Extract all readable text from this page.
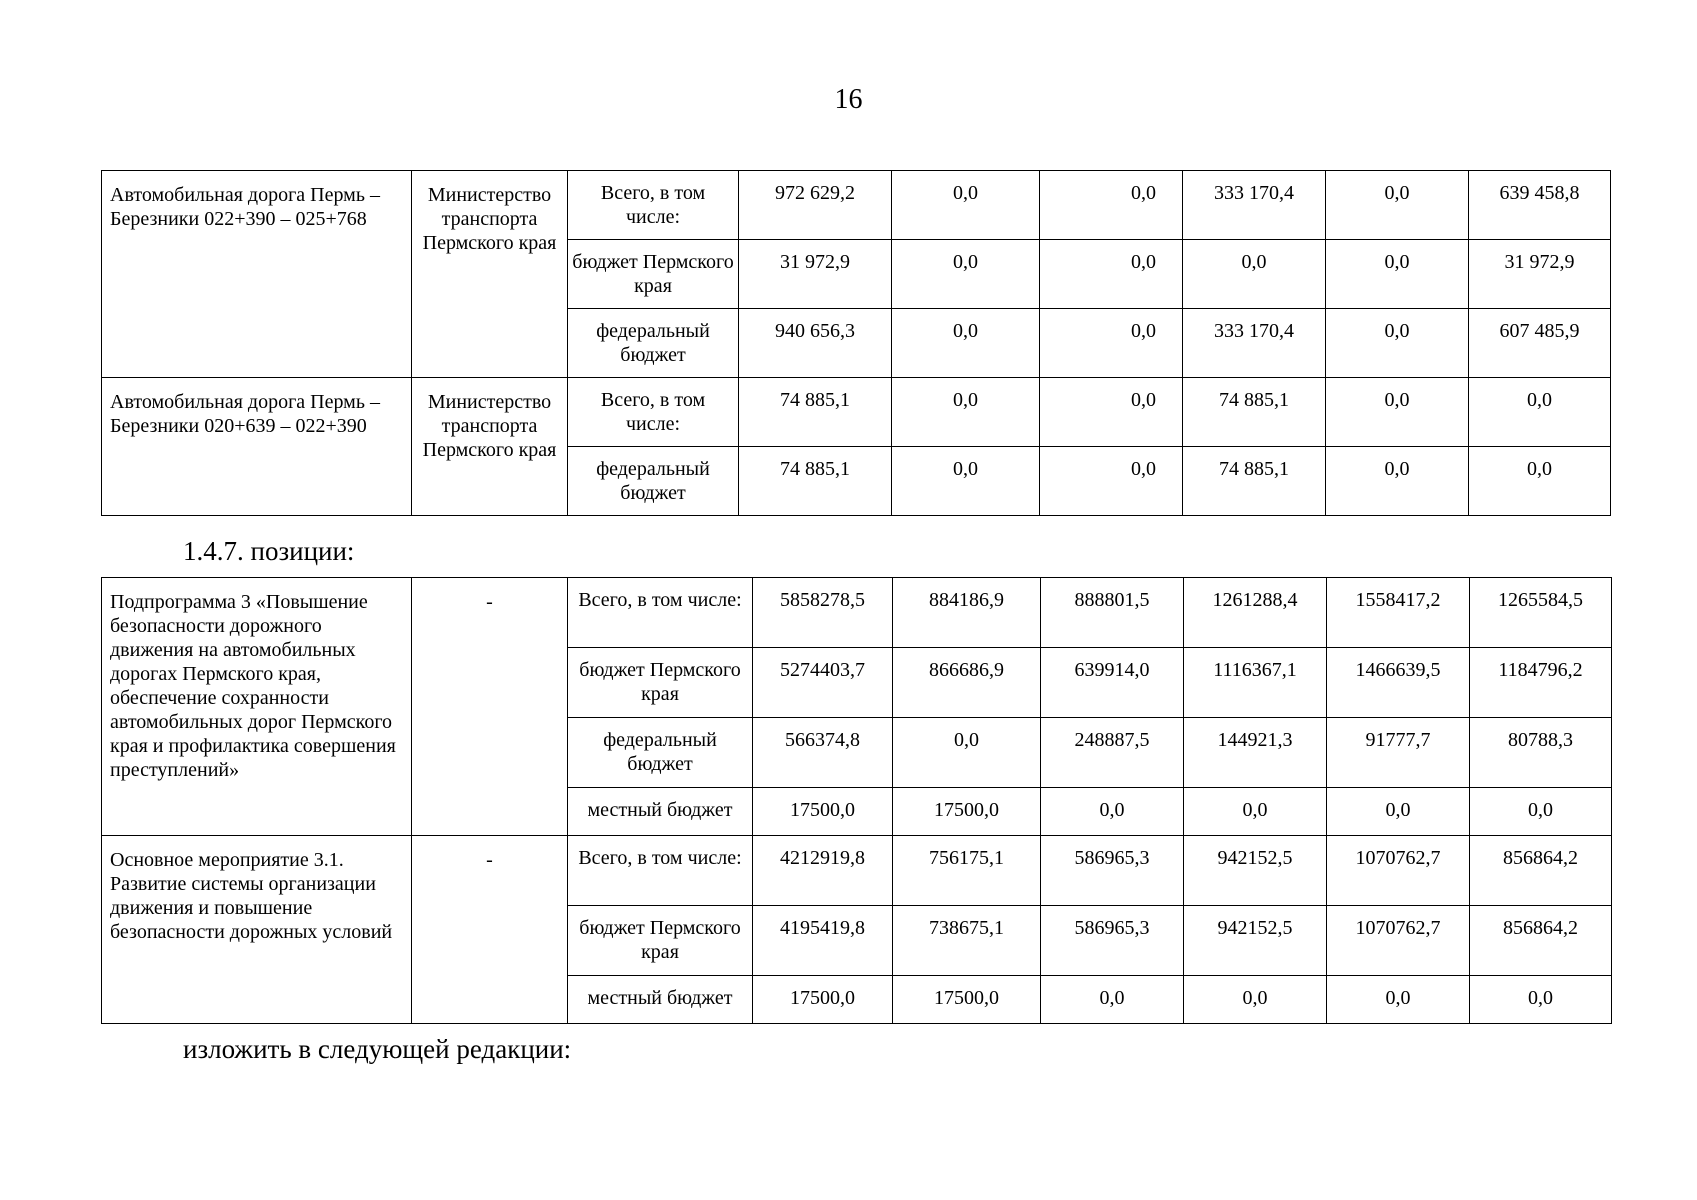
16
Автомобильная дорога Пермь – Березники 022+390 – 025+768	Министерство транспорта Пермского края	Всего, в том числе:	972 629,2	0,0	0,0	333 170,4	0,0	639 458,8
		бюджет Пермского края	31 972,9	0,0	0,0	0,0	0,0	31 972,9
		федеральный бюджет	940 656,3	0,0	0,0	333 170,4	0,0	607 485,9
Автомобильная дорога Пермь – Березники 020+639 – 022+390	Министерство транспорта Пермского края	Всего, в том числе:	74 885,1	0,0	0,0	74 885,1	0,0	0,0
		федеральный бюджет	74 885,1	0,0	0,0	74 885,1	0,0	0,0
1.4.7. позиции:
Подпрограмма 3 «Повышение безопасности дорожного движения на автомобильных дорогах Пермского края, обеспечение сохранности автомобильных дорог Пермского края и профилактика совершения преступлений»	-	Всего, в том числе:	5858278,5	884186,9	888801,5	1261288,4	1558417,2	1265584,5
		бюджет Пермского края	5274403,7	866686,9	639914,0	1116367,1	1466639,5	1184796,2
		федеральный бюджет	566374,8	0,0	248887,5	144921,3	91777,7	80788,3
		местный бюджет	17500,0	17500,0	0,0	0,0	0,0	0,0
Основное мероприятие 3.1. Развитие системы организации движения и повышение безопасности дорожных условий	-	Всего, в том числе:	4212919,8	756175,1	586965,3	942152,5	1070762,7	856864,2
		бюджет Пермского края	4195419,8	738675,1	586965,3	942152,5	1070762,7	856864,2
		местный бюджет	17500,0	17500,0	0,0	0,0	0,0	0,0
изложить в следующей редакции:
